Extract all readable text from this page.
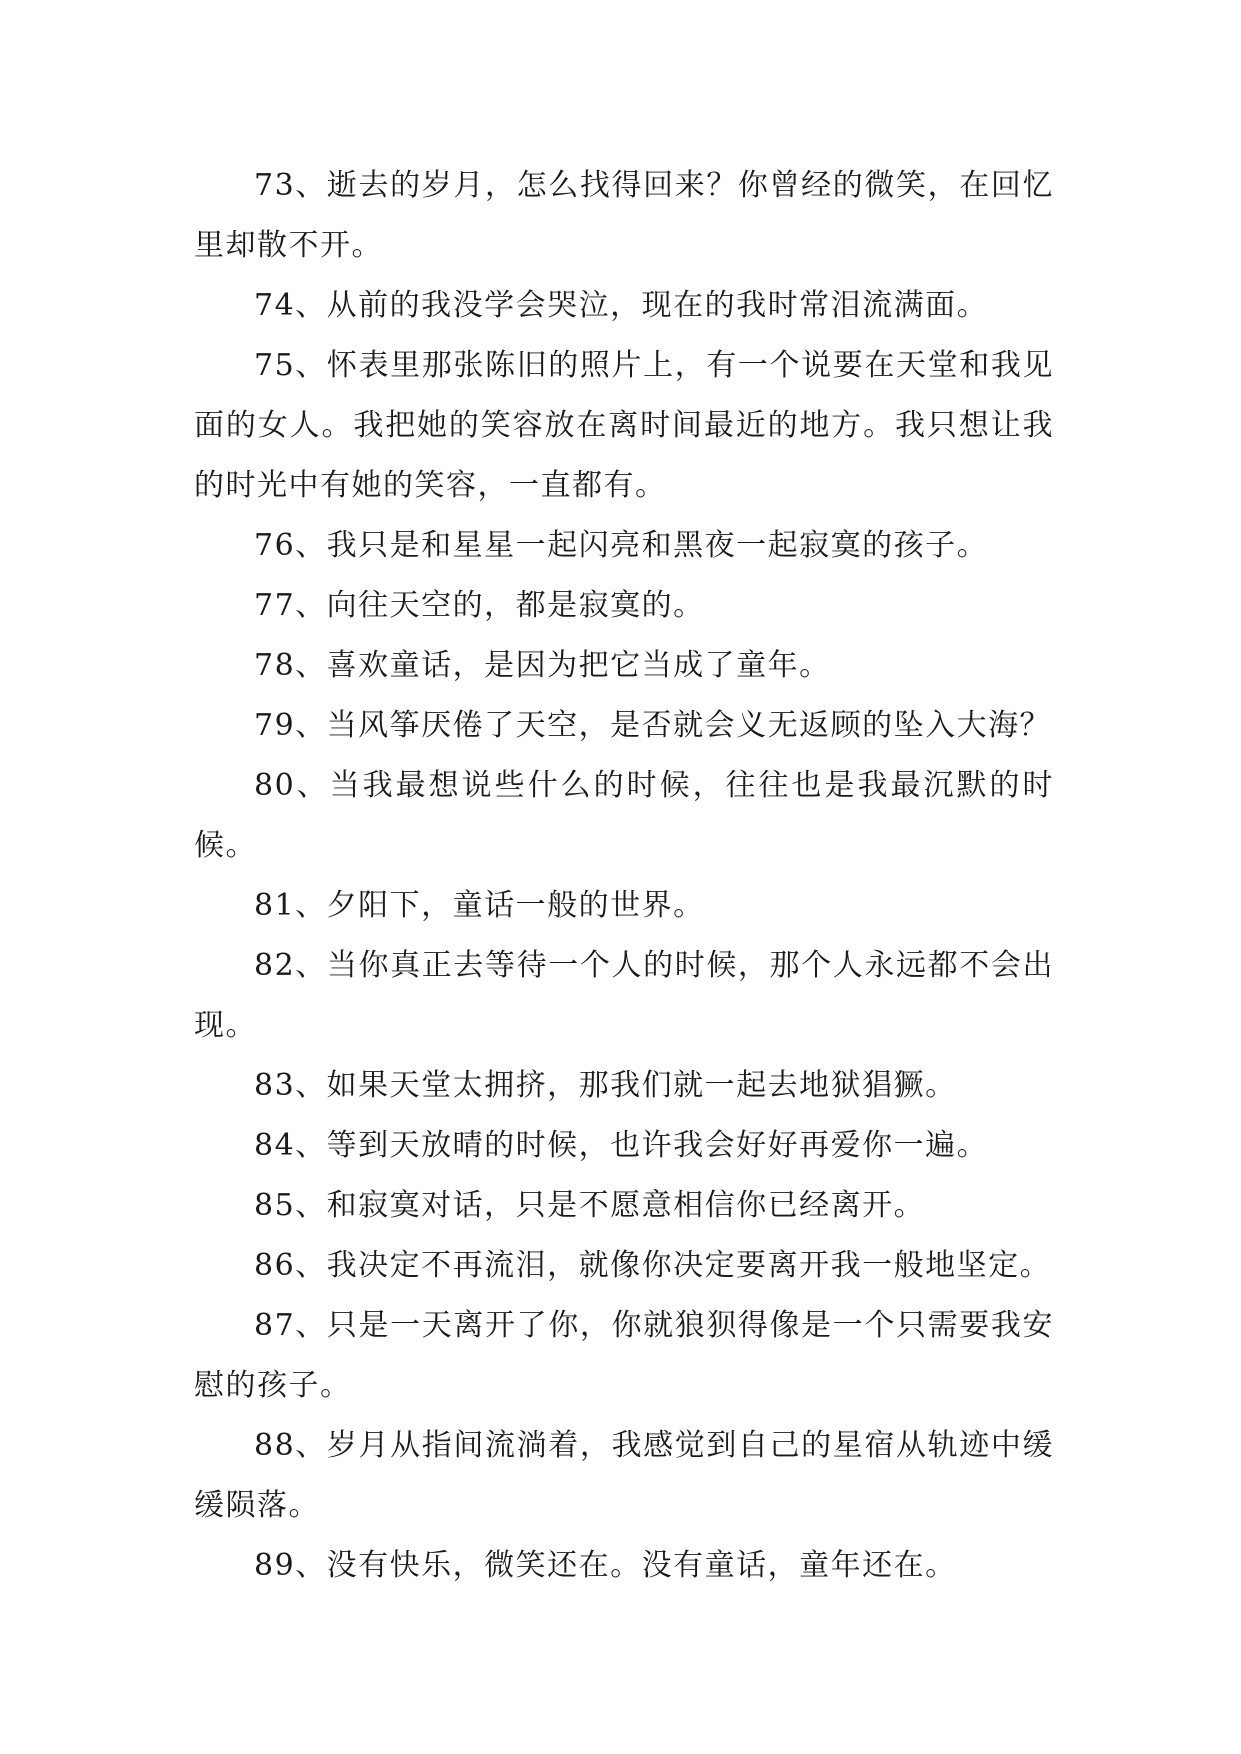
73、逝去的岁月，怎么找得回来？你曾经的微笑，在回忆里却散不开。

74、从前的我没学会哭泣，现在的我时常泪流满面。

75、怀表里那张陈旧的照片上，有一个说要在天堂和我见面的女人。我把她的笑容放在离时间最近的地方。我只想让我的时光中有她的笑容，一直都有。

76、我只是和星星一起闪亮和黑夜一起寂寞的孩子。

77、向往天空的，都是寂寞的。

78、喜欢童话，是因为把它当成了童年。

79、当风筝厌倦了天空，是否就会义无返顾的坠入大海？

80、当我最想说些什么的时候，往往也是我最沉默的时候。

81、夕阳下，童话一般的世界。

82、当你真正去等待一个人的时候，那个人永远都不会出现。

83、如果天堂太拥挤，那我们就一起去地狱猖獗。

84、等到天放晴的时候，也许我会好好再爱你一遍。

85、和寂寞对话，只是不愿意相信你已经离开。

86、我决定不再流泪，就像你决定要离开我一般地坚定。

87、只是一天离开了你，你就狼狈得像是一个只需要我安慰的孩子。

88、岁月从指间流淌着，我感觉到自己的星宿从轨迹中缓缓陨落。

89、没有快乐，微笑还在。没有童话，童年还在。
